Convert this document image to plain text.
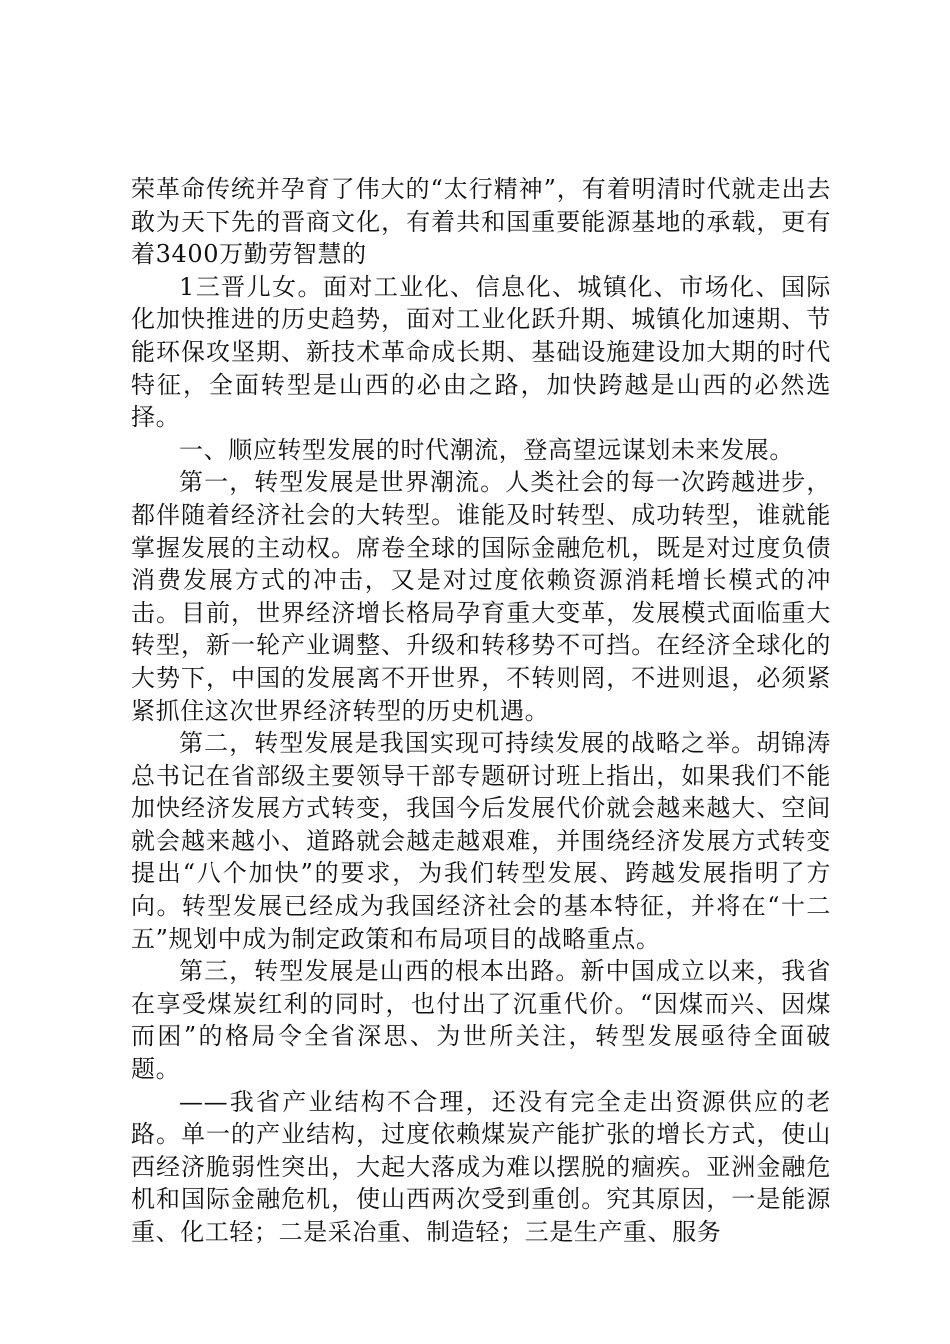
荣革命传统并孕育了伟大的“太行精神”，有着明清时代就走出去敢为天下先的晋商文化，有着共和国重要能源基地的承载，更有着3400万勤劳智慧的

1三晋儿女。面对工业化、信息化、城镇化、市场化、国际化加快推进的历史趋势，面对工业化跃升期、城镇化加速期、节能环保攻坚期、新技术革命成长期、基础设施建设加大期的时代特征，全面转型是山西的必由之路，加快跨越是山西的必然选择。

一、顺应转型发展的时代潮流，登高望远谋划未来发展。

第一，转型发展是世界潮流。人类社会的每一次跨越进步，都伴随着经济社会的大转型。谁能及时转型、成功转型，谁就能掌握发展的主动权。席卷全球的国际金融危机，既是对过度负债消费发展方式的冲击，又是对过度依赖资源消耗增长模式的冲击。目前，世界经济增长格局孕育重大变革，发展模式面临重大转型，新一轮产业调整、升级和转移势不可挡。在经济全球化的大势下，中国的发展离不开世界，不转则罔，不进则退，必须紧紧抓住这次世界经济转型的历史机遇。

第二，转型发展是我国实现可持续发展的战略之举。胡锦涛总书记在省部级主要领导干部专题研讨班上指出，如果我们不能加快经济发展方式转变，我国今后发展代价就会越来越大、空间就会越来越小、道路就会越走越艰难，并围绕经济发展方式转变提出“八个加快”的要求，为我们转型发展、跨越发展指明了方向。转型发展已经成为我国经济社会的基本特征，并将在“十二五”规划中成为制定政策和布局项目的战略重点。

第三，转型发展是山西的根本出路。新中国成立以来，我省在享受煤炭红利的同时，也付出了沉重代价。“因煤而兴、因煤而困”的格局令全省深思、为世所关注，转型发展亟待全面破题。

——我省产业结构不合理，还没有完全走出资源供应的老路。单一的产业结构，过度依赖煤炭产能扩张的增长方式，使山西经济脆弱性突出，大起大落成为难以摆脱的痼疾。亚洲金融危机和国际金融危机，使山西两次受到重创。究其原因，一是能源重、化工轻；二是采冶重、制造轻；三是生产重、服务
